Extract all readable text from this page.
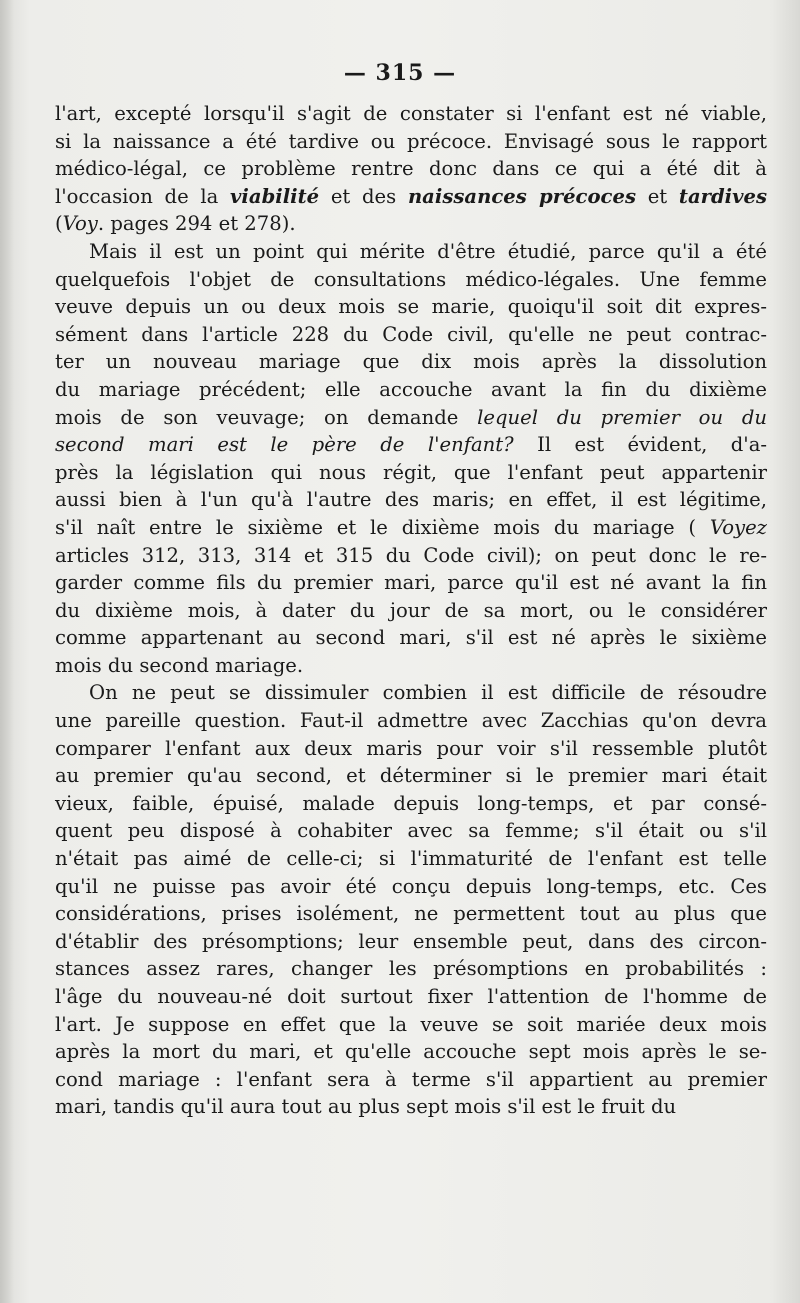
— 315 —

l'art, excepté lorsqu'il s'agit de constater si l'enfant est né viable,
si la naissance a été tardive ou précoce. Envisagé sous le rapport
médico-légal, ce problème rentre donc dans ce qui a été dit à
l'occasion de la viabilité et des naissances précoces et tardives
(Voy. pages 294 et 278).

Mais il est un point qui mérite d'être étudié, parce qu'il a été
quelquefois l'objet de consultations médico-légales. Une femme
veuve depuis un ou deux mois se marie, quoiqu'il soit dit expres-
sément dans l'article 228 du Code civil, qu'elle ne peut contrac-
ter un nouveau mariage que dix mois après la dissolution
du mariage précédent; elle accouche avant la fin du dixième
mois de son veuvage; on demande lequel du premier ou du
second mari est le père de l'enfant? Il est évident, d'a-
près la législation qui nous régit, que l'enfant peut appartenir
aussi bien à l'un qu'à l'autre des maris; en effet, il est légitime,
s'il naît entre le sixième et le dixième mois du mariage ( Voyez
articles 312, 313, 314 et 315 du Code civil); on peut donc le re-
garder comme fils du premier mari, parce qu'il est né avant la fin
du dixième mois, à dater du jour de sa mort, ou le considérer
comme appartenant au second mari, s'il est né après le sixième
mois du second mariage.

On ne peut se dissimuler combien il est difficile de résoudre
une pareille question. Faut-il admettre avec Zacchias qu'on devra
comparer l'enfant aux deux maris pour voir s'il ressemble plutôt
au premier qu'au second, et déterminer si le premier mari était
vieux, faible, épuisé, malade depuis long-temps, et par consé-
quent peu disposé à cohabiter avec sa femme; s'il était ou s'il
n'était pas aimé de celle-ci; si l'immaturité de l'enfant est telle
qu'il ne puisse pas avoir été conçu depuis long-temps, etc. Ces
considérations, prises isolément, ne permettent tout au plus que
d'établir des présomptions; leur ensemble peut, dans des circon-
stances assez rares, changer les présomptions en probabilités :
l'âge du nouveau-né doit surtout fixer l'attention de l'homme de
l'art. Je suppose en effet que la veuve se soit mariée deux mois
après la mort du mari, et qu'elle accouche sept mois après le se-
cond mariage : l'enfant sera à terme s'il appartient au premier
mari, tandis qu'il aura tout au plus sept mois s'il est le fruit du
